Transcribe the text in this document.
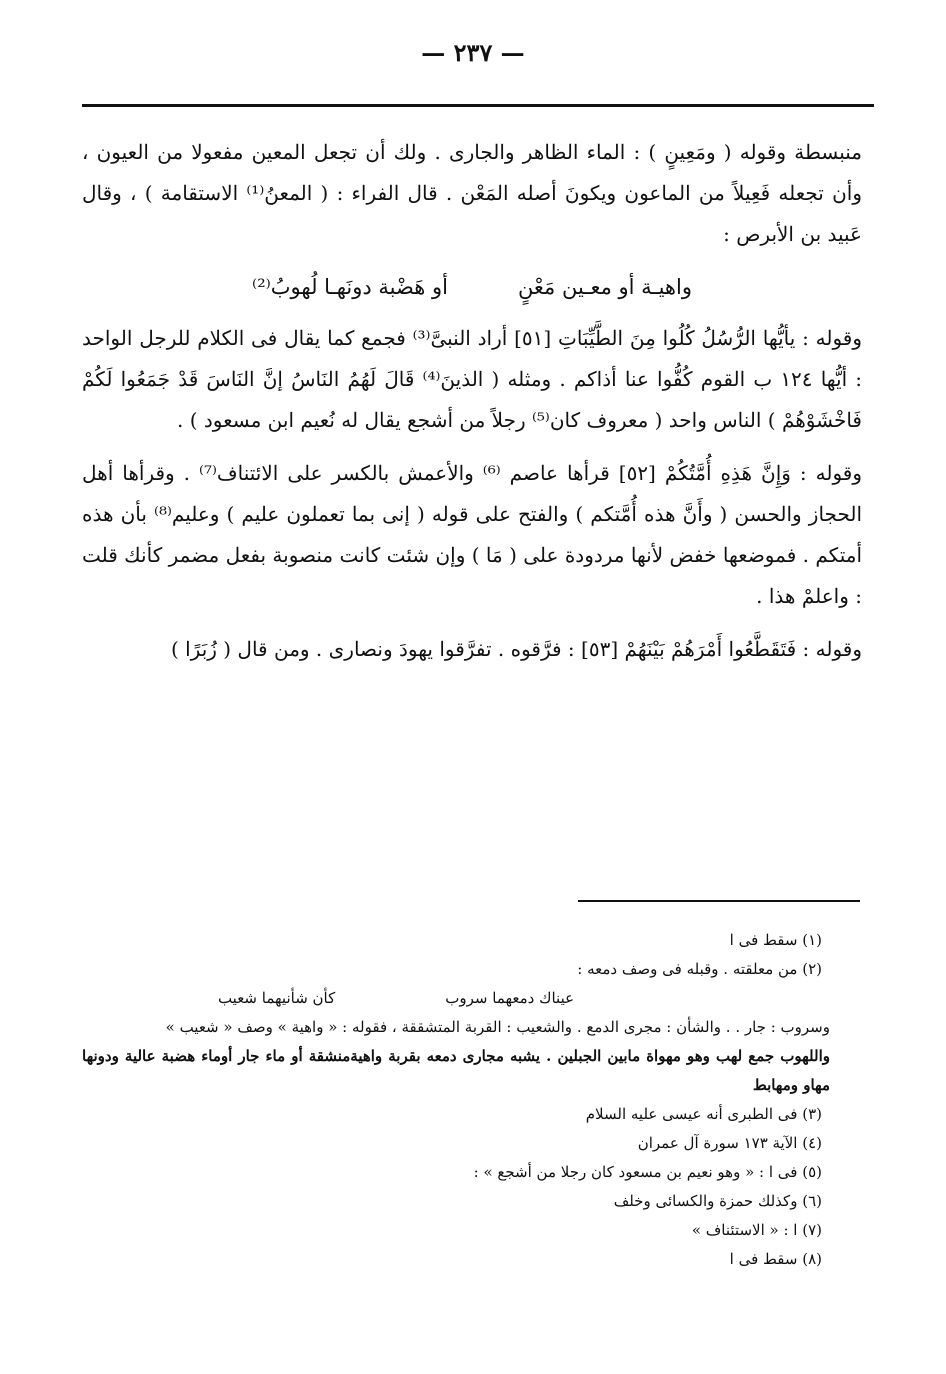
— ٢٣٧ —

منبسطة وقوله ( ومَعِينٍ ) : الماء الظاهر والجارى . ولك أن تجعل المعين مفعولا من العيون ، وأن تجعله فَعِيلاً من الماعون ويكونَ أصله المَعْن . قال الفراء : ( المعنُ⁽¹⁾ الاستقامة ) ، وقال عَبيد بن الأبرص :

واهيـة أو معـين مَعْنٍ
أو هَضْبة دونَهـا لُهوبُ⁽²⁾

وقوله : يأيُّها الرُّسُلُ كُلُوا مِنَ الطَّيِّبَاتِ [٥١] أراد النبىَّ⁽³⁾ فجمع كما يقال فى الكلام للرجل الواحد : أيُّها ١٢٤ ب القوم كُفُّوا عنا أذاكم . ومثله ( الذينَ⁽⁴⁾ قَالَ لَهُمُ النَاسُ إنَّ النَاسَ قَدْ جَمَعُوا لَكُمْ فَاخْشَوْهُمْ ) الناس واحد ( معروف كان⁽⁵⁾ رجلاً من أشجع يقال له نُعيم ابن مسعود ) .

وقوله : وَإِنَّ هَذِهِ أُمَّتُكُمْ [٥٢] قرأها عاصم ⁽⁶⁾ والأعمش بالكسر على الائتناف⁽⁷⁾ . وقرأها أهل الحجاز والحسن ( وأَنَّ هذه أُمَّتكم ) والفتح على قوله ( إنى بما تعملون عليم ) وعليم⁽⁸⁾ بأن هذه أمتكم . فموضعها خفض لأنها مردودة على ( مَا ) وإن شئت كانت منصوبة بفعل مضمر كأنك قلت : واعلمْ هذا .

وقوله : فَتَقَطَّعُوا أَمْرَهُمْ بَيْنَهُمْ [٥٣] : فرَّقوه . تفرَّقوا يهودَ ونصارى . ومن قال ( زُبَرًا )

(١) سقط فى ا

(٢) من معلقته . وقبله فى وصف دمعه :

عيناك دمعهما سروب
كأن شأنيهما شعيب

وسروب : جار . . والشأن : مجرى الدمع . والشعيب : القربة المتشققة ، فقوله : « واهية » وصف « شعيب »

واللهوب جمع لهب وهو مهواة مابين الجبلين . يشبه مجارى دمعه بقربة واهيةمنشقة أو ماء جار أوماء هضبة عالية ودونها مهاو ومهابط

(٣) فى الطبرى أنه عيسى عليه السلام

(٤) الآية ١٧٣ سورة آل عمران

(٥) فى ا : « وهو نعيم بن مسعود كان رجلا من أشجع » :

(٦) وكذلك حمزة والكسائى وخلف

(٧) ا : « الاستئناف »

(٨) سقط فى ا
